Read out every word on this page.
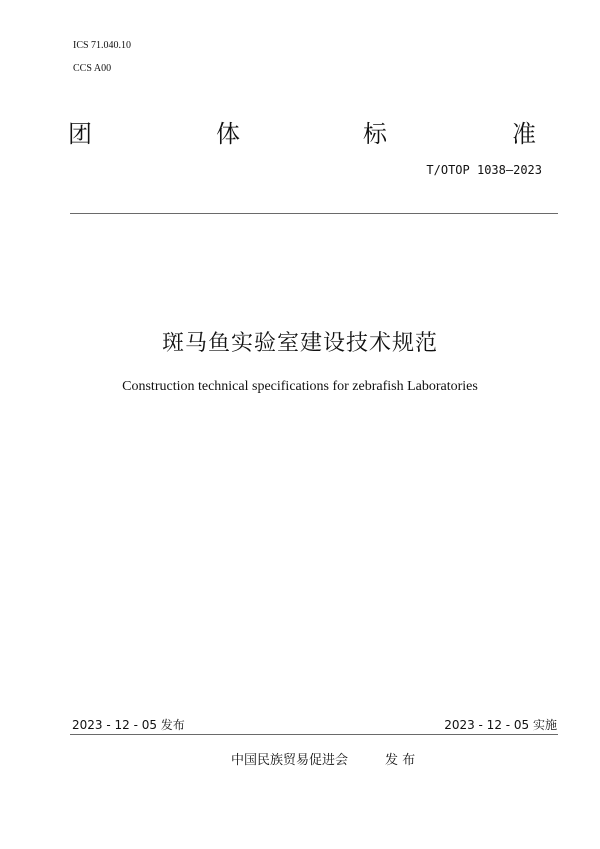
ICS 71.040.10
CCS A00
团	体	标	准
T/OTOP 1038—2023
斑马鱼实验室建设技术规范
Construction technical specifications for zebrafish Laboratories
2023 - 12 - 05 发布	2023 - 12 - 05 实施
中国民族贸易促进会	发 布
